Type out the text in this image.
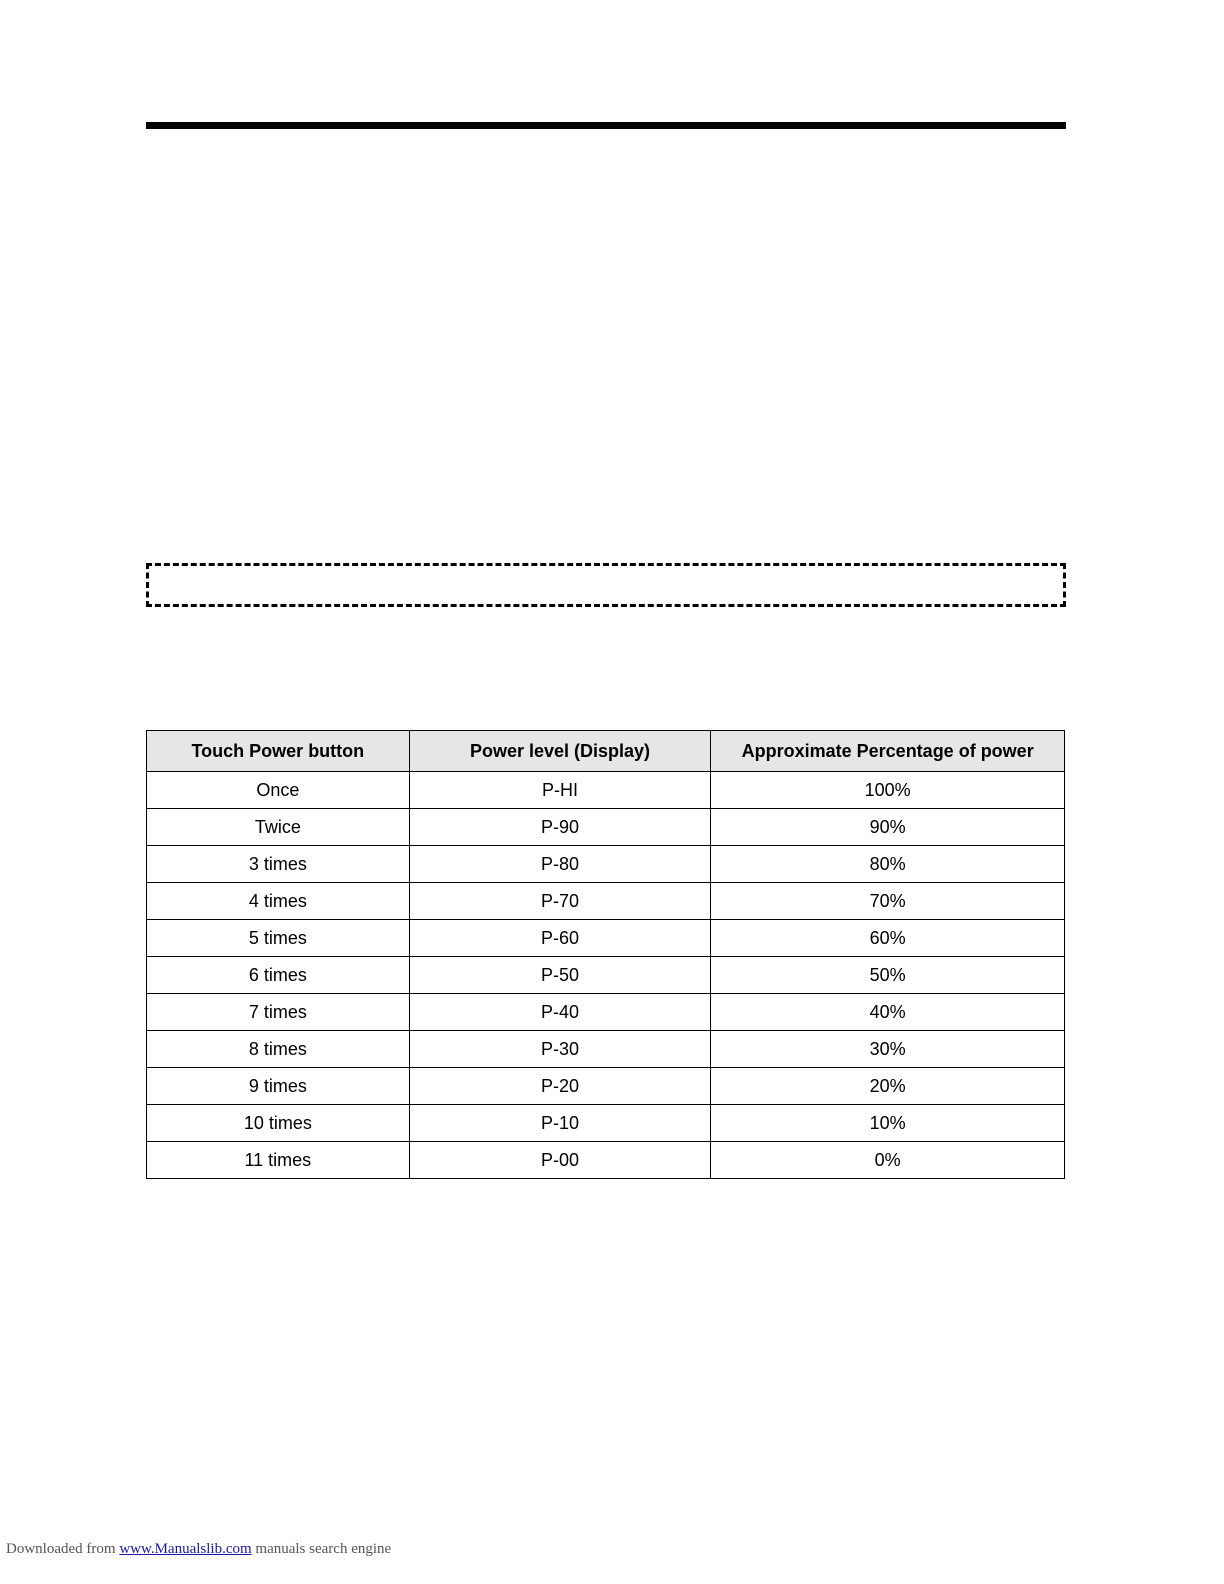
Touch Power button	Power level (Display)	Approximate Percentage of power
Once	P-HI	100%
Twice	P-90	90%
3 times	P-80	80%
4 times	P-70	70%
5 times	P-60	60%
6 times	P-50	50%
7 times	P-40	40%
8 times	P-30	30%
9 times	P-20	20%
10 times	P-10	10%
11 times	P-00	0%
Downloaded from www.Manualslib.com manuals search engine
